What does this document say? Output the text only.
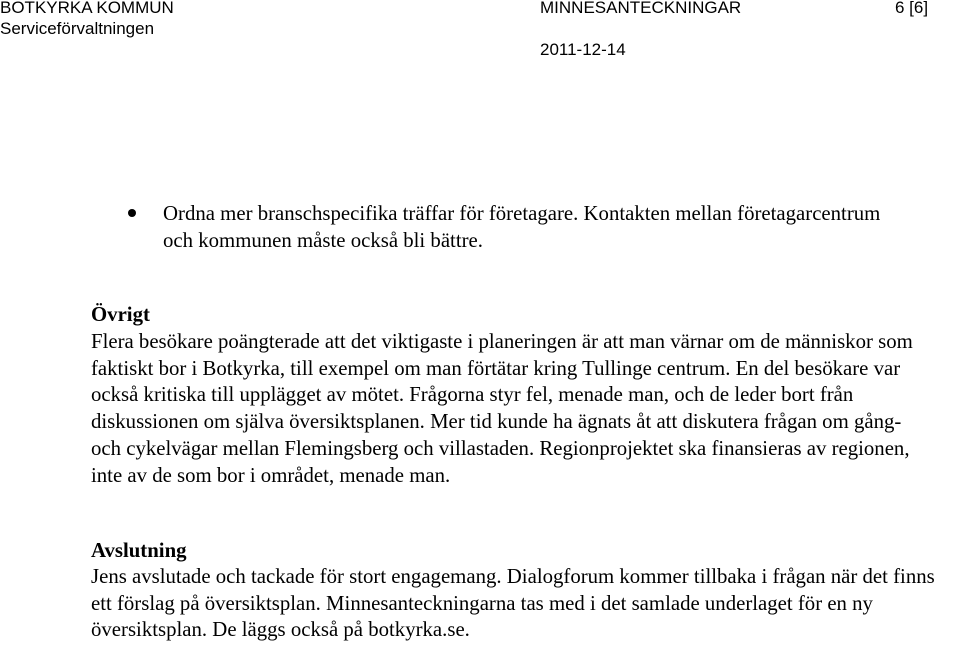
BOTKYRKA KOMMUN
Serviceförvaltningen
MINNESANTECKNINGAR
2011-12-14
6 [6]

Ordna mer branschspecifika träffar för företagare. Kontakten mellan företagarcentrum och kommunen måste också bli bättre.

Övrigt

Flera besökare poängterade att det viktigaste i planeringen är att man värnar om de människor som faktiskt bor i Botkyrka, till exempel om man förtätar kring Tullinge centrum. En del besökare var också kritiska till upplägget av mötet. Frågorna styr fel, menade man, och de leder bort från diskussionen om själva översiktsplanen. Mer tid kunde ha ägnats åt att diskutera frågan om gång- och cykelvägar mellan Flemingsberg och villastaden. Regionprojektet ska finansieras av regionen, inte av de som bor i området, menade man.

Avslutning

Jens avslutade och tackade för stort engagemang. Dialogforum kommer tillbaka i frågan när det finns ett förslag på översiktsplan. Minnesanteckningarna tas med i det samlade underlaget för en ny översiktsplan. De läggs också på botkyrka.se.
